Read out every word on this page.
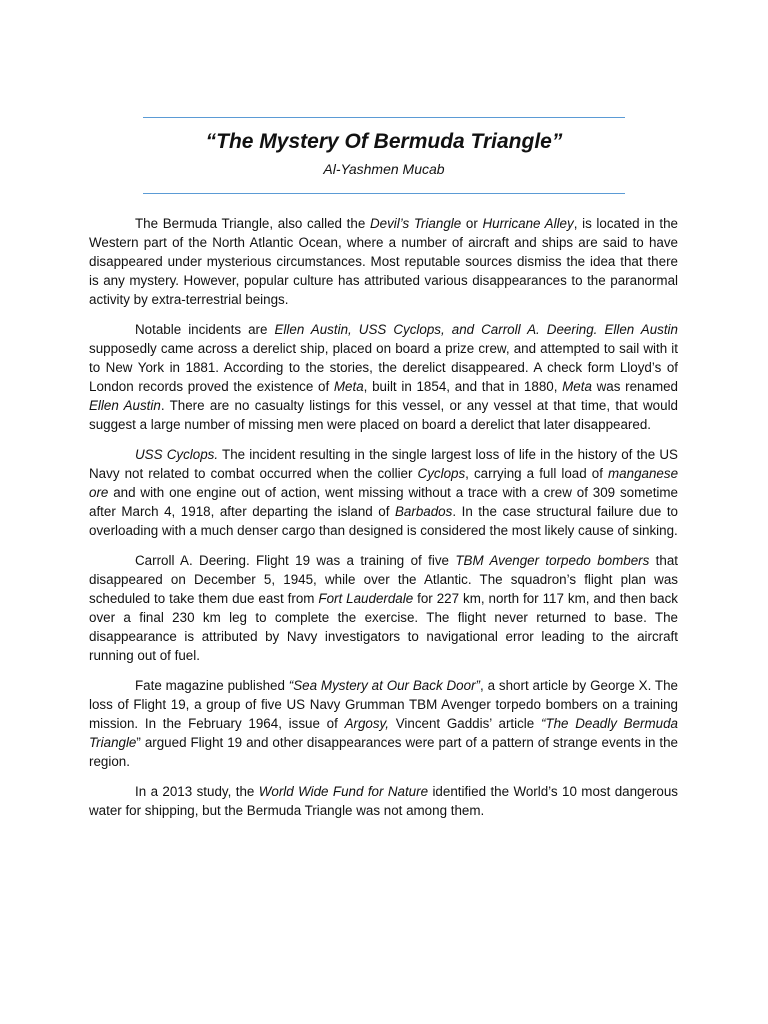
“The Mystery Of Bermuda Triangle”

Al-Yashmen Mucab

The Bermuda Triangle, also called the Devil’s Triangle or Hurricane Alley, is located in the Western part of the North Atlantic Ocean, where a number of aircraft and ships are said to have disappeared under mysterious circumstances. Most reputable sources dismiss the idea that there is any mystery. However, popular culture has attributed various disappearances to the paranormal activity by extra-terrestrial beings.

Notable incidents are Ellen Austin, USS Cyclops, and Carroll A. Deering. Ellen Austin supposedly came across a derelict ship, placed on board a prize crew, and attempted to sail with it to New York in 1881. According to the stories, the derelict disappeared. A check form Lloyd’s of London records proved the existence of Meta, built in 1854, and that in 1880, Meta was renamed Ellen Austin. There are no casualty listings for this vessel, or any vessel at that time, that would suggest a large number of missing men were placed on board a derelict that later disappeared.

USS Cyclops. The incident resulting in the single largest loss of life in the history of the US Navy not related to combat occurred when the collier Cyclops, carrying a full load of manganese ore and with one engine out of action, went missing without a trace with a crew of 309 sometime after March 4, 1918, after departing the island of Barbados. In the case structural failure due to overloading with a much denser cargo than designed is considered the most likely cause of sinking.

Carroll A. Deering. Flight 19 was a training of five TBM Avenger torpedo bombers that disappeared on December 5, 1945, while over the Atlantic. The squadron’s flight plan was scheduled to take them due east from Fort Lauderdale for 227 km, north for 117 km, and then back over a final 230 km leg to complete the exercise. The flight never returned to base. The disappearance is attributed by Navy investigators to navigational error leading to the aircraft running out of fuel.

Fate magazine published “Sea Mystery at Our Back Door”, a short article by George X. The loss of Flight 19, a group of five US Navy Grumman TBM Avenger torpedo bombers on a training mission. In the February 1964, issue of Argosy, Vincent Gaddis’ article “The Deadly Bermuda Triangle” argued Flight 19 and other disappearances were part of a pattern of strange events in the region.

In a 2013 study, the World Wide Fund for Nature identified the World’s 10 most dangerous water for shipping, but the Bermuda Triangle was not among them.
